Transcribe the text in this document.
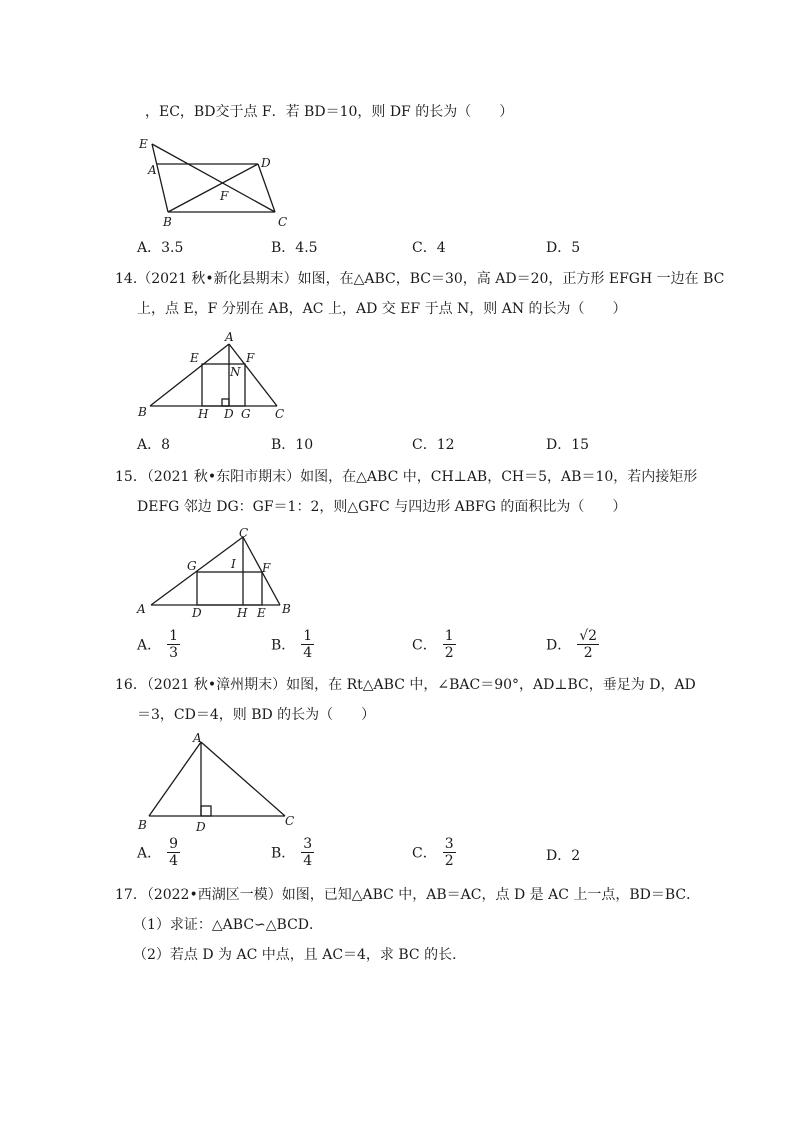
，EC，BD交于点 F．若 BD＝10，则 DF 的长为（　　）
E
A	D
F
B	C
A．3.5	B．4.5	C．4	D．5
14.（2021 秋•新化县期末）如图，在△ABC，BC＝30，高 AD＝20，正方形 EFGH 一边在 BC
上，点 E，F 分别在 AB，AC 上，AD 交 EF 于点 N，则 AN 的长为（　　）
A
E	F
N
B	H D G C
A．8	B．10	C．12	D．15
15．（2021 秋•东阳市期末）如图，在△ABC 中，CH⊥AB，CH＝5，AB＝10，若内接矩形
DEFG 邻边 DG：GF＝1：2，则△GFC 与四边形 ABFG 的面积比为（　　）
C
G	I F
A	D	H E B
A． $\frac{1}{3}$	B． $\frac{1}{4}$	C． $\frac{1}{2}$	D． $\frac{√2}{2}$
16．（2021 秋•漳州期末）如图，在 Rt△ABC 中，∠BAC＝90°，AD⊥BC，垂足为 D，AD
＝3，CD＝4，则 BD 的长为（　　）
A
B	D	C
A． $\frac{9}{4}$	B． $\frac{3}{4}$	C． $\frac{3}{2}$	D．2
17．（2022•西湖区一模）如图，已知△ABC 中，AB＝AC，点 D 是 AC 上一点，BD＝BC．
（1）求证：△ABC∽△BCD．
（2）若点 D 为 AC 中点，且 AC＝4，求 BC 的长．
